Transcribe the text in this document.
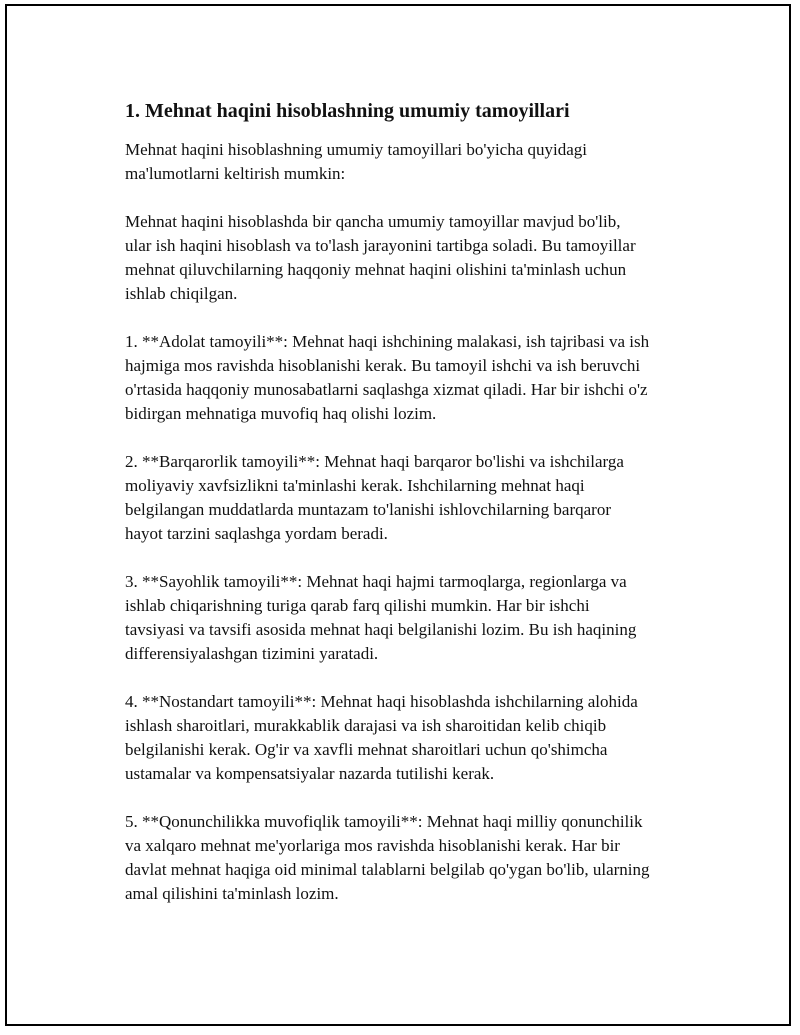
1. Mehnat haqini hisoblashning umumiy tamoyillari

Mehnat haqini hisoblashning umumiy tamoyillari bo'yicha quyidagi
ma'lumotlarni keltirish mumkin:

Mehnat haqini hisoblashda bir qancha umumiy tamoyillar mavjud bo'lib,
ular ish haqini hisoblash va to'lash jarayonini tartibga soladi. Bu tamoyillar
mehnat qiluvchilarning haqqoniy mehnat haqini olishini ta'minlash uchun
ishlab chiqilgan.

1. **Adolat tamoyili**: Mehnat haqi ishchining malakasi, ish tajribasi va ish
hajmiga mos ravishda hisoblanishi kerak. Bu tamoyil ishchi va ish beruvchi
o'rtasida haqqoniy munosabatlarni saqlashga xizmat qiladi. Har bir ishchi o'z
bidirgan mehnatiga muvofiq haq olishi lozim.

2. **Barqarorlik tamoyili**: Mehnat haqi barqaror bo'lishi va ishchilarga
moliyaviy xavfsizlikni ta'minlashi kerak. Ishchilarning mehnat haqi
belgilangan muddatlarda muntazam to'lanishi ishlovchilarning barqaror
hayot tarzini saqlashga yordam beradi.

3. **Sayohlik tamoyili**: Mehnat haqi hajmi tarmoqlarga, regionlarga va
ishlab chiqarishning turiga qarab farq qilishi mumkin. Har bir ishchi
tavsiyasi va tavsifi asosida mehnat haqi belgilanishi lozim. Bu ish haqining
differensiyalashgan tizimini yaratadi.

4. **Nostandart tamoyili**: Mehnat haqi hisoblashda ishchilarning alohida
ishlash sharoitlari, murakkablik darajasi va ish sharoitidan kelib chiqib
belgilanishi kerak. Og'ir va xavfli mehnat sharoitlari uchun qo'shimcha
ustamalar va kompensatsiyalar nazarda tutilishi kerak.

5. **Qonunchilikka muvofiqlik tamoyili**: Mehnat haqi milliy qonunchilik
va xalqaro mehnat me'yorlariga mos ravishda hisoblanishi kerak. Har bir
davlat mehnat haqiga oid minimal talablarni belgilab qo'ygan bo'lib, ularning
amal qilishini ta'minlash lozim.
